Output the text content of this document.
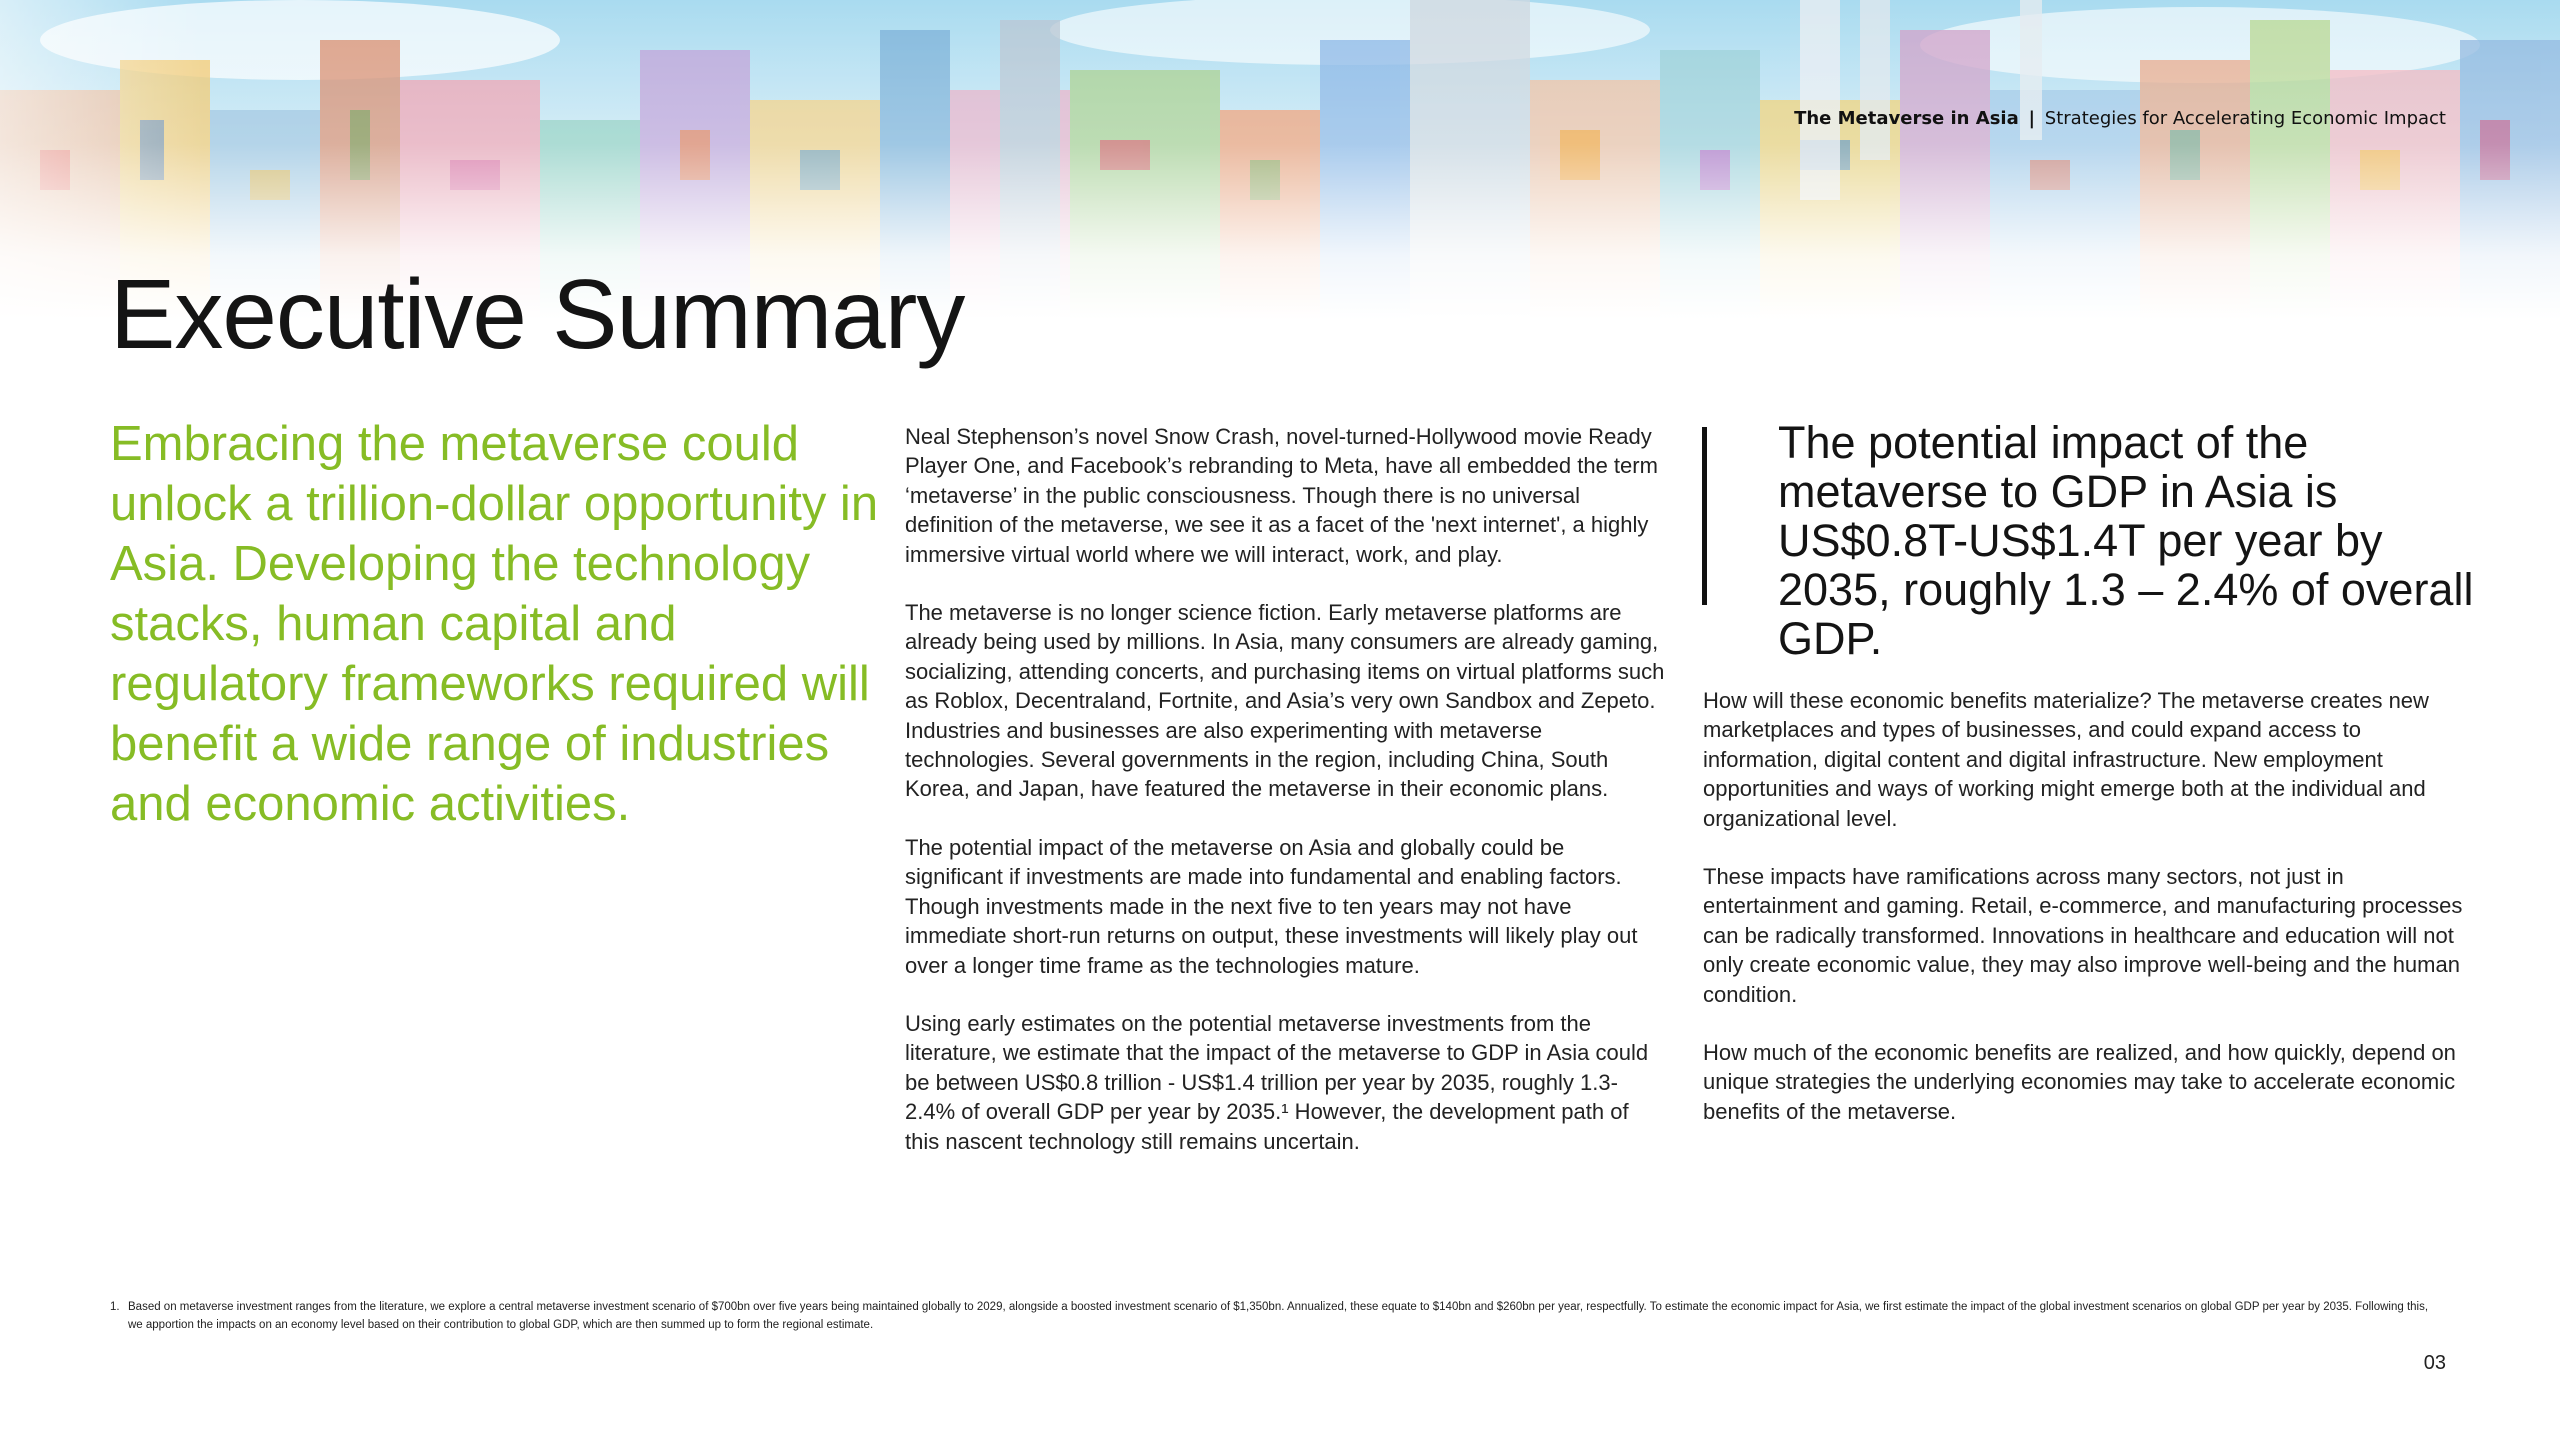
The Metaverse in Asia | Strategies for Accelerating Economic Impact
Executive Summary
Embracing the metaverse could unlock a trillion-dollar opportunity in Asia. Developing the technology stacks, human capital and regulatory frameworks required will benefit a wide range of industries and economic activities.

Neal Stephenson’s novel Snow Crash, novel-turned-Hollywood movie Ready Player One, and Facebook’s rebranding to Meta, have all embedded the term ‘metaverse’ in the public consciousness. Though there is no universal definition of the metaverse, we see it as a facet of the 'next internet', a highly immersive virtual world where we will interact, work, and play.

The metaverse is no longer science fiction. Early metaverse platforms are already being used by millions. In Asia, many consumers are already gaming, socializing, attending concerts, and purchasing items on virtual platforms such as Roblox, Decentraland, Fortnite, and Asia’s very own Sandbox and Zepeto. Industries and businesses are also experimenting with metaverse technologies. Several governments in the region, including China, South Korea, and Japan, have featured the metaverse in their economic plans.

The potential impact of the metaverse on Asia and globally could be significant if investments are made into fundamental and enabling factors. Though investments made in the next five to ten years may not have immediate short-run returns on output, these investments will likely play out over a longer time frame as the technologies mature.

Using early estimates on the potential metaverse investments from the literature, we estimate that the impact of the metaverse to GDP in Asia could be between US$0.8 trillion - US$1.4 trillion per year by 2035, roughly 1.3-2.4% of overall GDP per year by 2035.¹ However, the development path of this nascent technology still remains uncertain.

The potential impact of the metaverse to GDP in Asia is US$0.8T-US$1.4T per year by 2035, roughly 1.3 – 2.4% of overall GDP.

How will these economic benefits materialize? The metaverse creates new marketplaces and types of businesses, and could expand access to information, digital content and digital infrastructure. New employment opportunities and ways of working might emerge both at the individual and organizational level.

These impacts have ramifications across many sectors, not just in entertainment and gaming. Retail, e-commerce, and manufacturing processes can be radically transformed. Innovations in healthcare and education will not only create economic value, they may also improve well-being and the human condition.

How much of the economic benefits are realized, and how quickly, depend on unique strategies the underlying economies may take to accelerate economic benefits of the metaverse.

1. Based on metaverse investment ranges from the literature, we explore a central metaverse investment scenario of $700bn over five years being maintained globally to 2029, alongside a boosted investment scenario of $1,350bn. Annualized, these equate to $140bn and $260bn per year, respectfully. To estimate the economic impact for Asia, we first estimate the impact of the global investment scenarios on global GDP per year by 2035. Following this, we apportion the impacts on an economy level based on their contribution to global GDP, which are then summed up to form the regional estimate.
03
